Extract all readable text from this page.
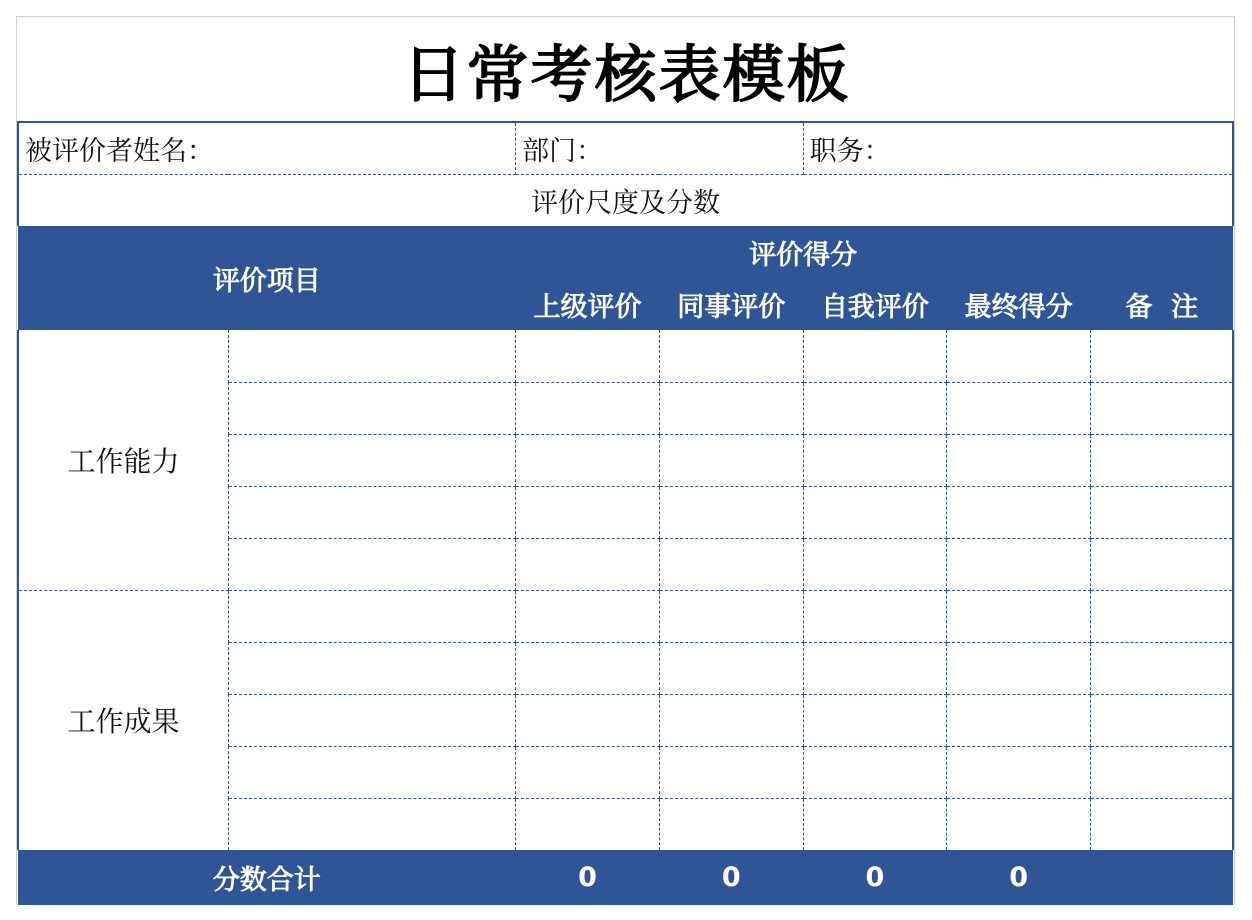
日常考核表模板
被评价者姓名：		部门：		职务：		
评价尺度及分数						
评价项目		评价得分				
		上级评价	同事评价	自我评价	最终得分	备  注
工作能力						

工作成果						

分数合计		0	0	0	0	
